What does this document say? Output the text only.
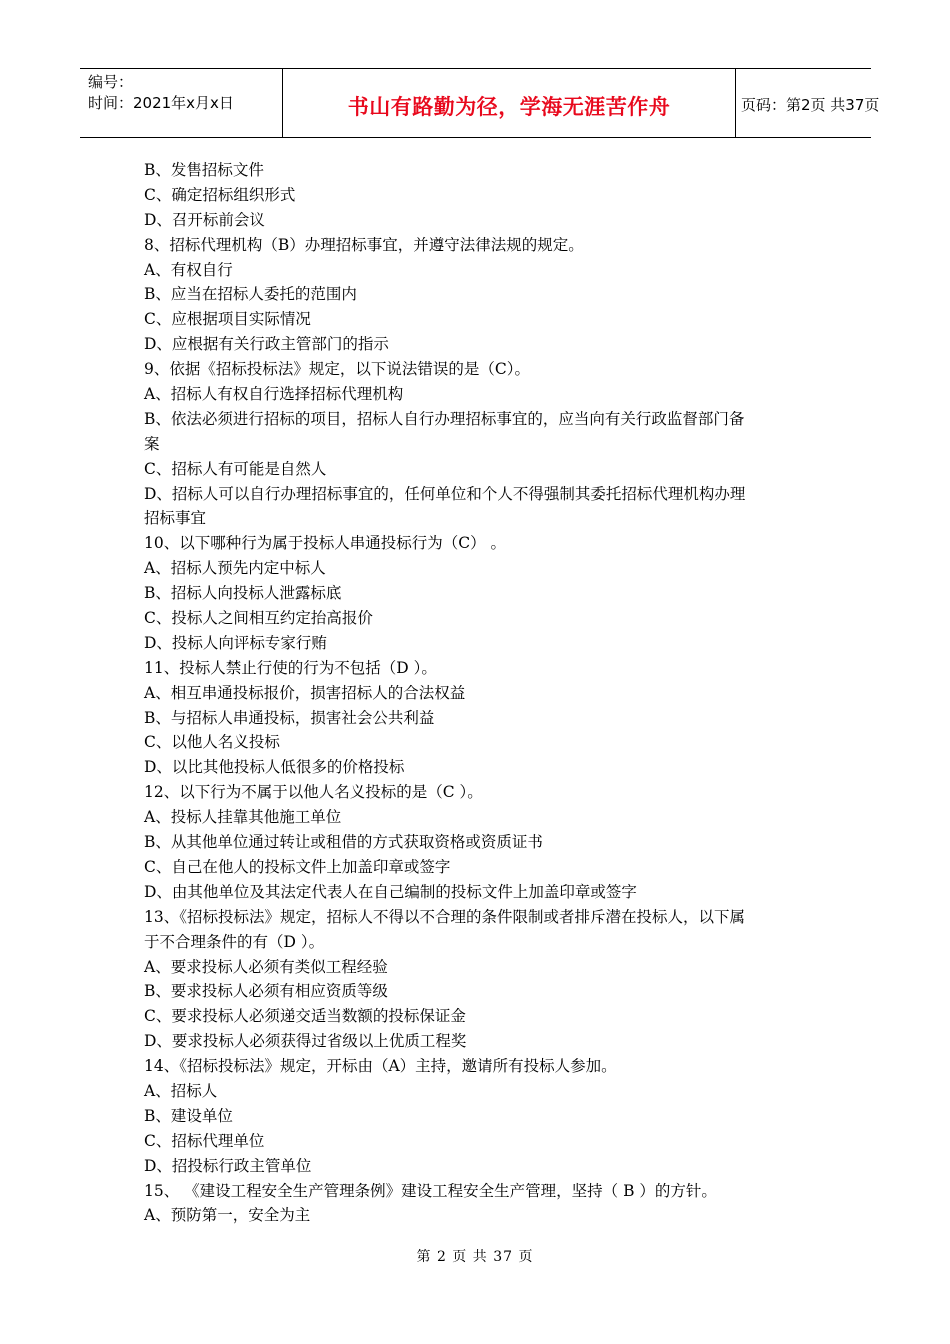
编号：
时间：2021年x月x日	书山有路勤为径，学海无涯苦作舟	页码：第2页 共37页
B、发售招标文件
C、确定招标组织形式
D、召开标前会议
8、招标代理机构（B）办理招标事宜，并遵守法律法规的规定。
A、有权自行
B、应当在招标人委托的范围内
C、应根据项目实际情况
D、应根据有关行政主管部门的指示
9、依据《招标投标法》规定，以下说法错误的是（C）。
A、招标人有权自行选择招标代理机构
B、依法必须进行招标的项目，招标人自行办理招标事宜的，应当向有关行政监督部门备
案
C、招标人有可能是自然人
D、招标人可以自行办理招标事宜的，任何单位和个人不得强制其委托招标代理机构办理
招标事宜
10、以下哪种行为属于投标人串通投标行为（C） 。
A、招标人预先内定中标人
B、招标人向投标人泄露标底
C、投标人之间相互约定抬高报价
D、投标人向评标专家行贿
11、投标人禁止行使的行为不包括（D ）。
A、相互串通投标报价，损害招标人的合法权益
B、与招标人串通投标，损害社会公共利益
C、以他人名义投标
D、以比其他投标人低很多的价格投标
12、以下行为不属于以他人名义投标的是（C ）。
A、投标人挂靠其他施工单位
B、从其他单位通过转让或租借的方式获取资格或资质证书
C、自己在他人的投标文件上加盖印章或签字
D、由其他单位及其法定代表人在自己编制的投标文件上加盖印章或签字
13、《招标投标法》规定，招标人不得以不合理的条件限制或者排斥潜在投标人，以下属
于不合理条件的有（D ）。
A、要求投标人必须有类似工程经验
B、要求投标人必须有相应资质等级
C、要求投标人必须递交适当数额的投标保证金
D、要求投标人必须获得过省级以上优质工程奖
14、《招标投标法》规定，开标由（A）主持，邀请所有投标人参加。
A、招标人
B、建设单位
C、招标代理单位
D、招投标行政主管单位
15、 《建设工程安全生产管理条例》建设工程安全生产管理，坚持（ B ）的方针。
A、预防第一，安全为主
第 2 页 共 37 页
